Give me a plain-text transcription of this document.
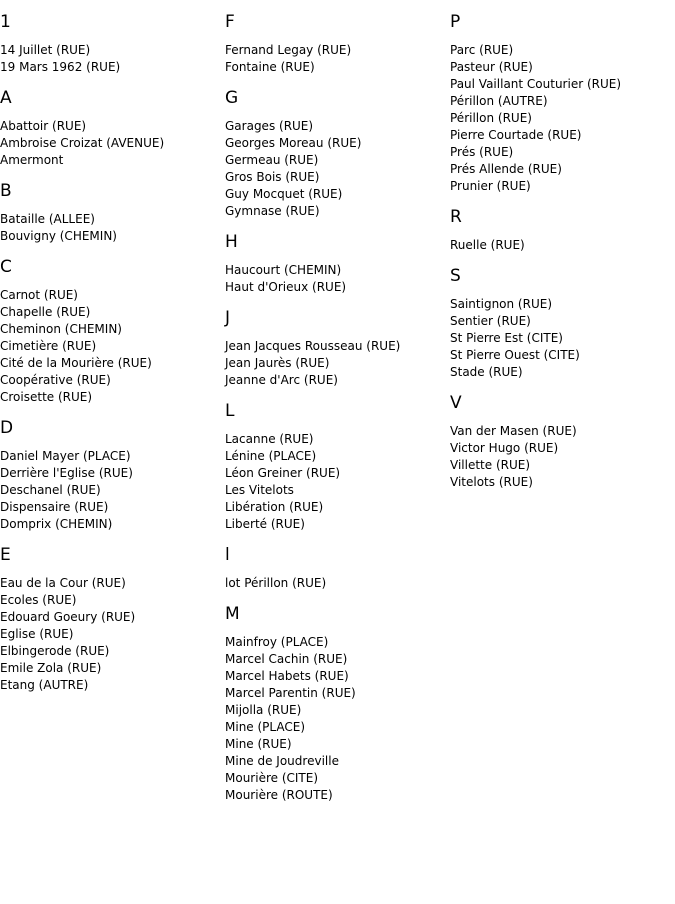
1
14 Juillet (RUE)
19 Mars 1962 (RUE)
A
Abattoir (RUE)
Ambroise Croizat (AVENUE)
Amermont
B
Bataille (ALLEE)
Bouvigny (CHEMIN)
C
Carnot (RUE)
Chapelle (RUE)
Cheminon (CHEMIN)
Cimetière (RUE)
Cité de la Mourière (RUE)
Coopérative (RUE)
Croisette (RUE)
D
Daniel Mayer (PLACE)
Derrière l'Eglise (RUE)
Deschanel (RUE)
Dispensaire (RUE)
Domprix (CHEMIN)
E
Eau de la Cour (RUE)
Ecoles (RUE)
Edouard Goeury (RUE)
Eglise (RUE)
Elbingerode (RUE)
Emile Zola (RUE)
Etang (AUTRE)
F
Fernand Legay (RUE)
Fontaine (RUE)
G
Garages (RUE)
Georges Moreau (RUE)
Germeau (RUE)
Gros Bois (RUE)
Guy Mocquet (RUE)
Gymnase (RUE)
H
Haucourt (CHEMIN)
Haut d'Orieux (RUE)
J
Jean Jacques Rousseau (RUE)
Jean Jaurès (RUE)
Jeanne d'Arc (RUE)
L
Lacanne (RUE)
Lénine (PLACE)
Léon Greiner (RUE)
Les Vitelots
Libération (RUE)
Liberté (RUE)
l
lot Périllon (RUE)
M
Mainfroy (PLACE)
Marcel Cachin (RUE)
Marcel Habets (RUE)
Marcel Parentin (RUE)
Mijolla (RUE)
Mine (PLACE)
Mine (RUE)
Mine de Joudreville
Mourière (CITE)
Mourière (ROUTE)
P
Parc (RUE)
Pasteur (RUE)
Paul Vaillant Couturier (RUE)
Périllon (AUTRE)
Périllon (RUE)
Pierre Courtade (RUE)
Prés (RUE)
Prés Allende (RUE)
Prunier (RUE)
R
Ruelle (RUE)
S
Saintignon (RUE)
Sentier (RUE)
St Pierre Est (CITE)
St Pierre Ouest (CITE)
Stade (RUE)
V
Van der Masen (RUE)
Victor Hugo (RUE)
Villette (RUE)
Vitelots (RUE)
